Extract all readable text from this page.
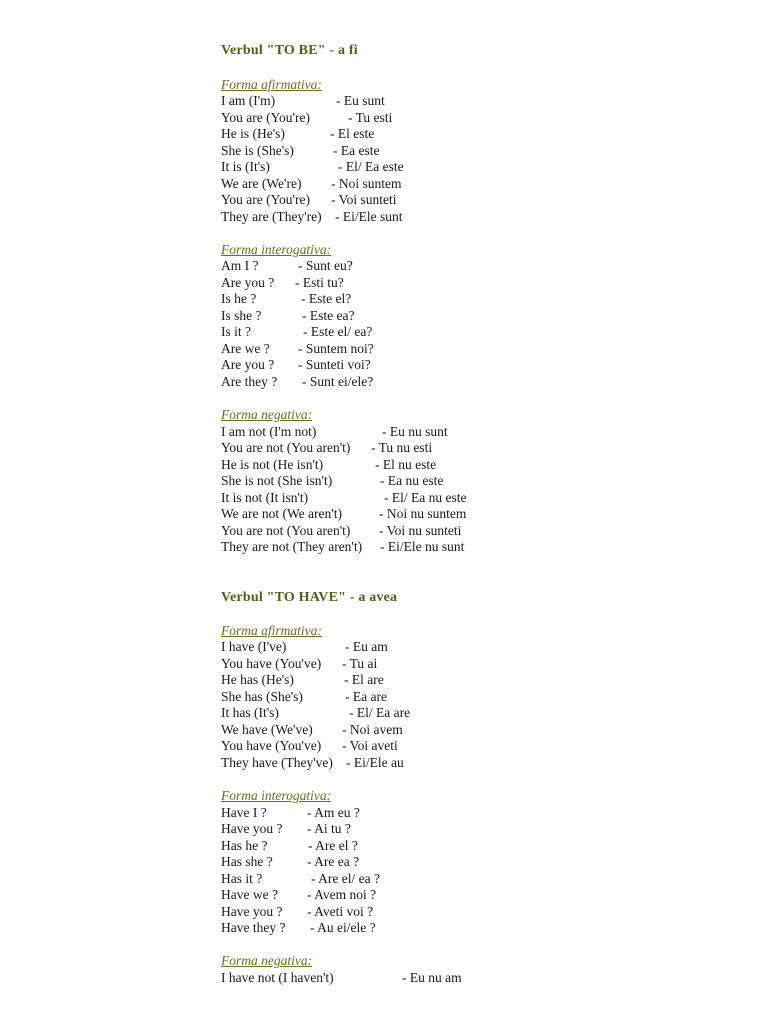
Verbul "TO BE" - a fi
Forma afirmativa:
I am (I'm)	- Eu sunt
You are (You're)	- Tu esti
He is (He's)	- El este
She is (She's)	- Ea este
It is (It's)	- El/ Ea este
We are (We're) - Noi suntem
You are (You're) - Voi sunteti
They are (They're) - Ei/Ele sunt
Forma interogativa:
Am I ?	- Sunt eu?
Are you ? - Esti tu?
Is he ?	- Este el?
Is she ?	- Este ea?
Is it ?	- Este el/ ea?
Are we ? - Suntem noi?
Are you ? - Sunteti voi?
Are they ? - Sunt ei/ele?
Forma negativa:
I am not (I'm not)	- Eu nu sunt
You are not (You aren't) - Tu nu esti
He is not (He isn't)	- El nu este
She is not (She isn't)	- Ea nu este
It is not (It isn't)	- El/ Ea nu este
We are not (We aren't)	- Noi nu suntem
You are not (You aren't) - Voi nu sunteti
They are not (They aren't) - Ei/Ele nu sunt
Verbul "TO HAVE" - a avea
Forma afirmativa:
I have (I've)	- Eu am
You have (You've) - Tu ai
He has (He's)	- El are
She has (She's)	- Ea are
It has (It's)	- El/ Ea are
We have (We've) - Noi avem
You have (You've) - Voi aveti
They have (They've) - Ei/Ele au
Forma interogativa:
Have I ?	- Am eu ?
Have you ? - Ai tu ?
Has he ?	- Are el ?
Has she ?	- Are ea ?
Has it ?	- Are el/ ea ?
Have we ? - Avem noi ?
Have you ? - Aveti voi ?
Have they ? - Au ei/ele ?
Forma negativa:
I have not (I haven't)	- Eu nu am
